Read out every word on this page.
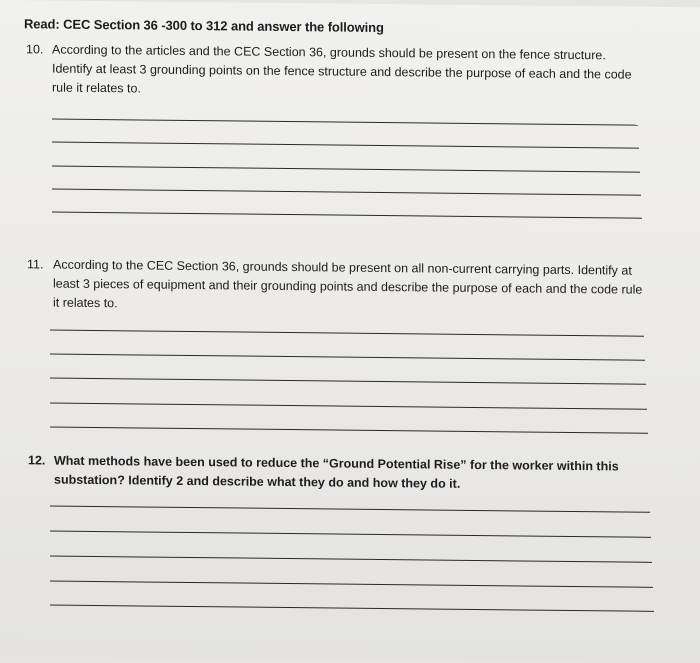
Read: CEC Section 36 -300 to 312 and answer the following
10. According to the articles and the CEC Section 36, grounds should be present on the fence structure. Identify at least 3 grounding points on the fence structure and describe the purpose of each and the code rule it relates to.
11. According to the CEC Section 36, grounds should be present on all non-current carrying parts. Identify at least 3 pieces of equipment and their grounding points and describe the purpose of each and the code rule it relates to.
12. What methods have been used to reduce the “Ground Potential Rise” for the worker within this substation? Identify 2 and describe what they do and how they do it.
